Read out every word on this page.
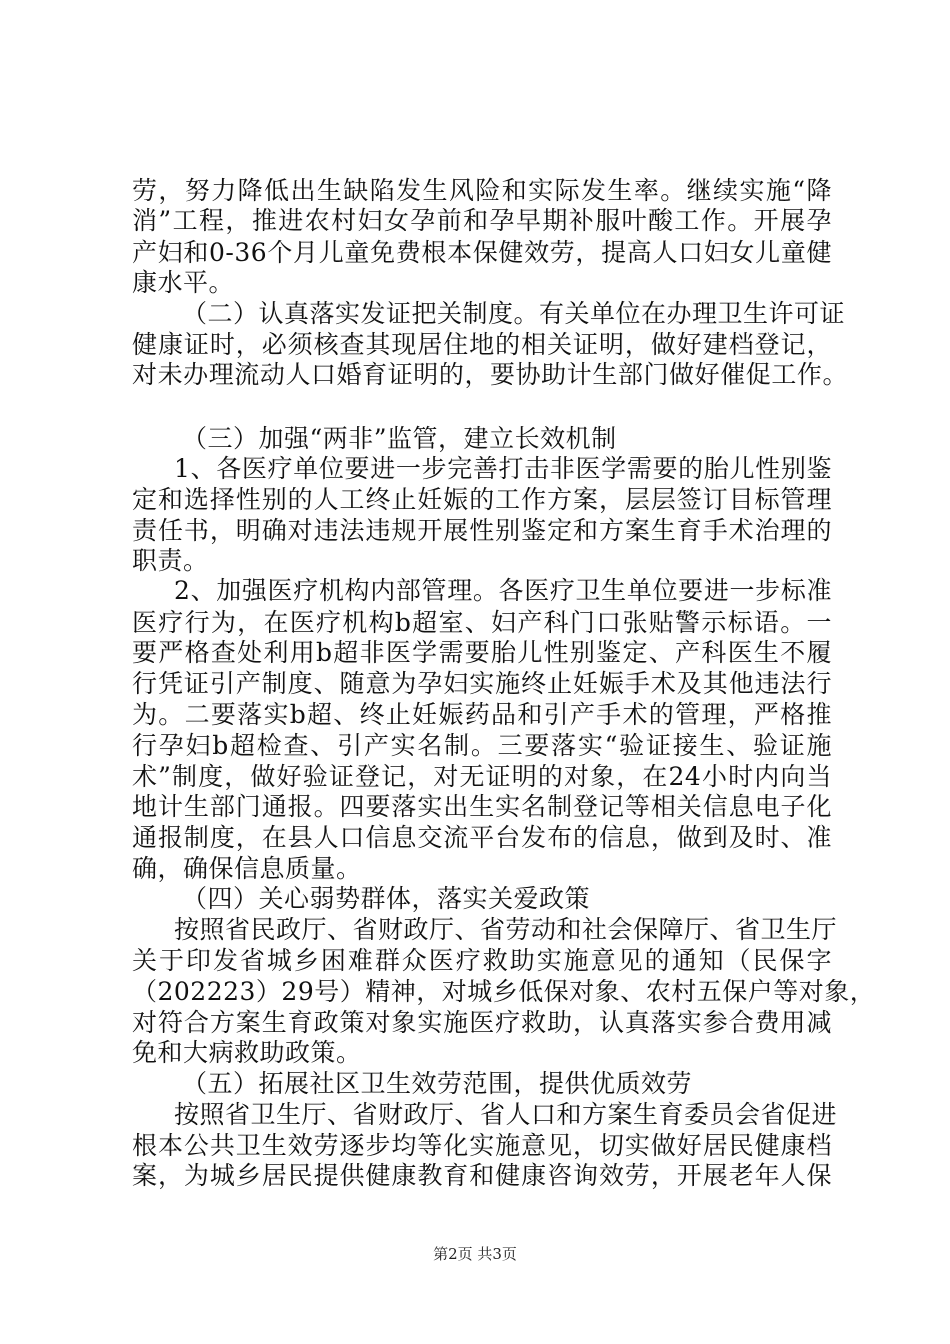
劳，努力降低出生缺陷发生风险和实际发生率。继续实施“降
消”工程，推进农村妇女孕前和孕早期补服叶酸工作。开展孕
产妇和0-36个月儿童免费根本保健效劳，提高人口妇女儿童健
康水平。
（二）认真落实发证把关制度。有关单位在办理卫生许可证
健康证时，必须核查其现居住地的相关证明，做好建档登记，
对未办理流动人口婚育证明的，要协助计生部门做好催促工作。
（三）加强“两非”监管，建立长效机制
1、各医疗单位要进一步完善打击非医学需要的胎儿性别鉴
定和选择性别的人工终止妊娠的工作方案，层层签订目标管理
责任书，明确对违法违规开展性别鉴定和方案生育手术治理的
职责。
2、加强医疗机构内部管理。各医疗卫生单位要进一步标准
医疗行为，在医疗机构b超室、妇产科门口张贴警示标语。一
要严格查处利用b超非医学需要胎儿性别鉴定、产科医生不履
行凭证引产制度、随意为孕妇实施终止妊娠手术及其他违法行
为。二要落实b超、终止妊娠药品和引产手术的管理，严格推
行孕妇b超检查、引产实名制。三要落实“验证接生、验证施
术”制度，做好验证登记，对无证明的对象，在24小时内向当
地计生部门通报。四要落实出生实名制登记等相关信息电子化
通报制度，在县人口信息交流平台发布的信息，做到及时、准
确，确保信息质量。
（四）关心弱势群体，落实关爱政策
按照省民政厅、省财政厅、省劳动和社会保障厅、省卫生厅
关于印发省城乡困难群众医疗救助实施意见的通知（民保字
（202223）29号）精神，对城乡低保对象、农村五保户等对象，
对符合方案生育政策对象实施医疗救助，认真落实参合费用减
免和大病救助政策。
（五）拓展社区卫生效劳范围，提供优质效劳
按照省卫生厅、省财政厅、省人口和方案生育委员会省促进
根本公共卫生效劳逐步均等化实施意见，切实做好居民健康档
案，为城乡居民提供健康教育和健康咨询效劳，开展老年人保
第2页 共3页
